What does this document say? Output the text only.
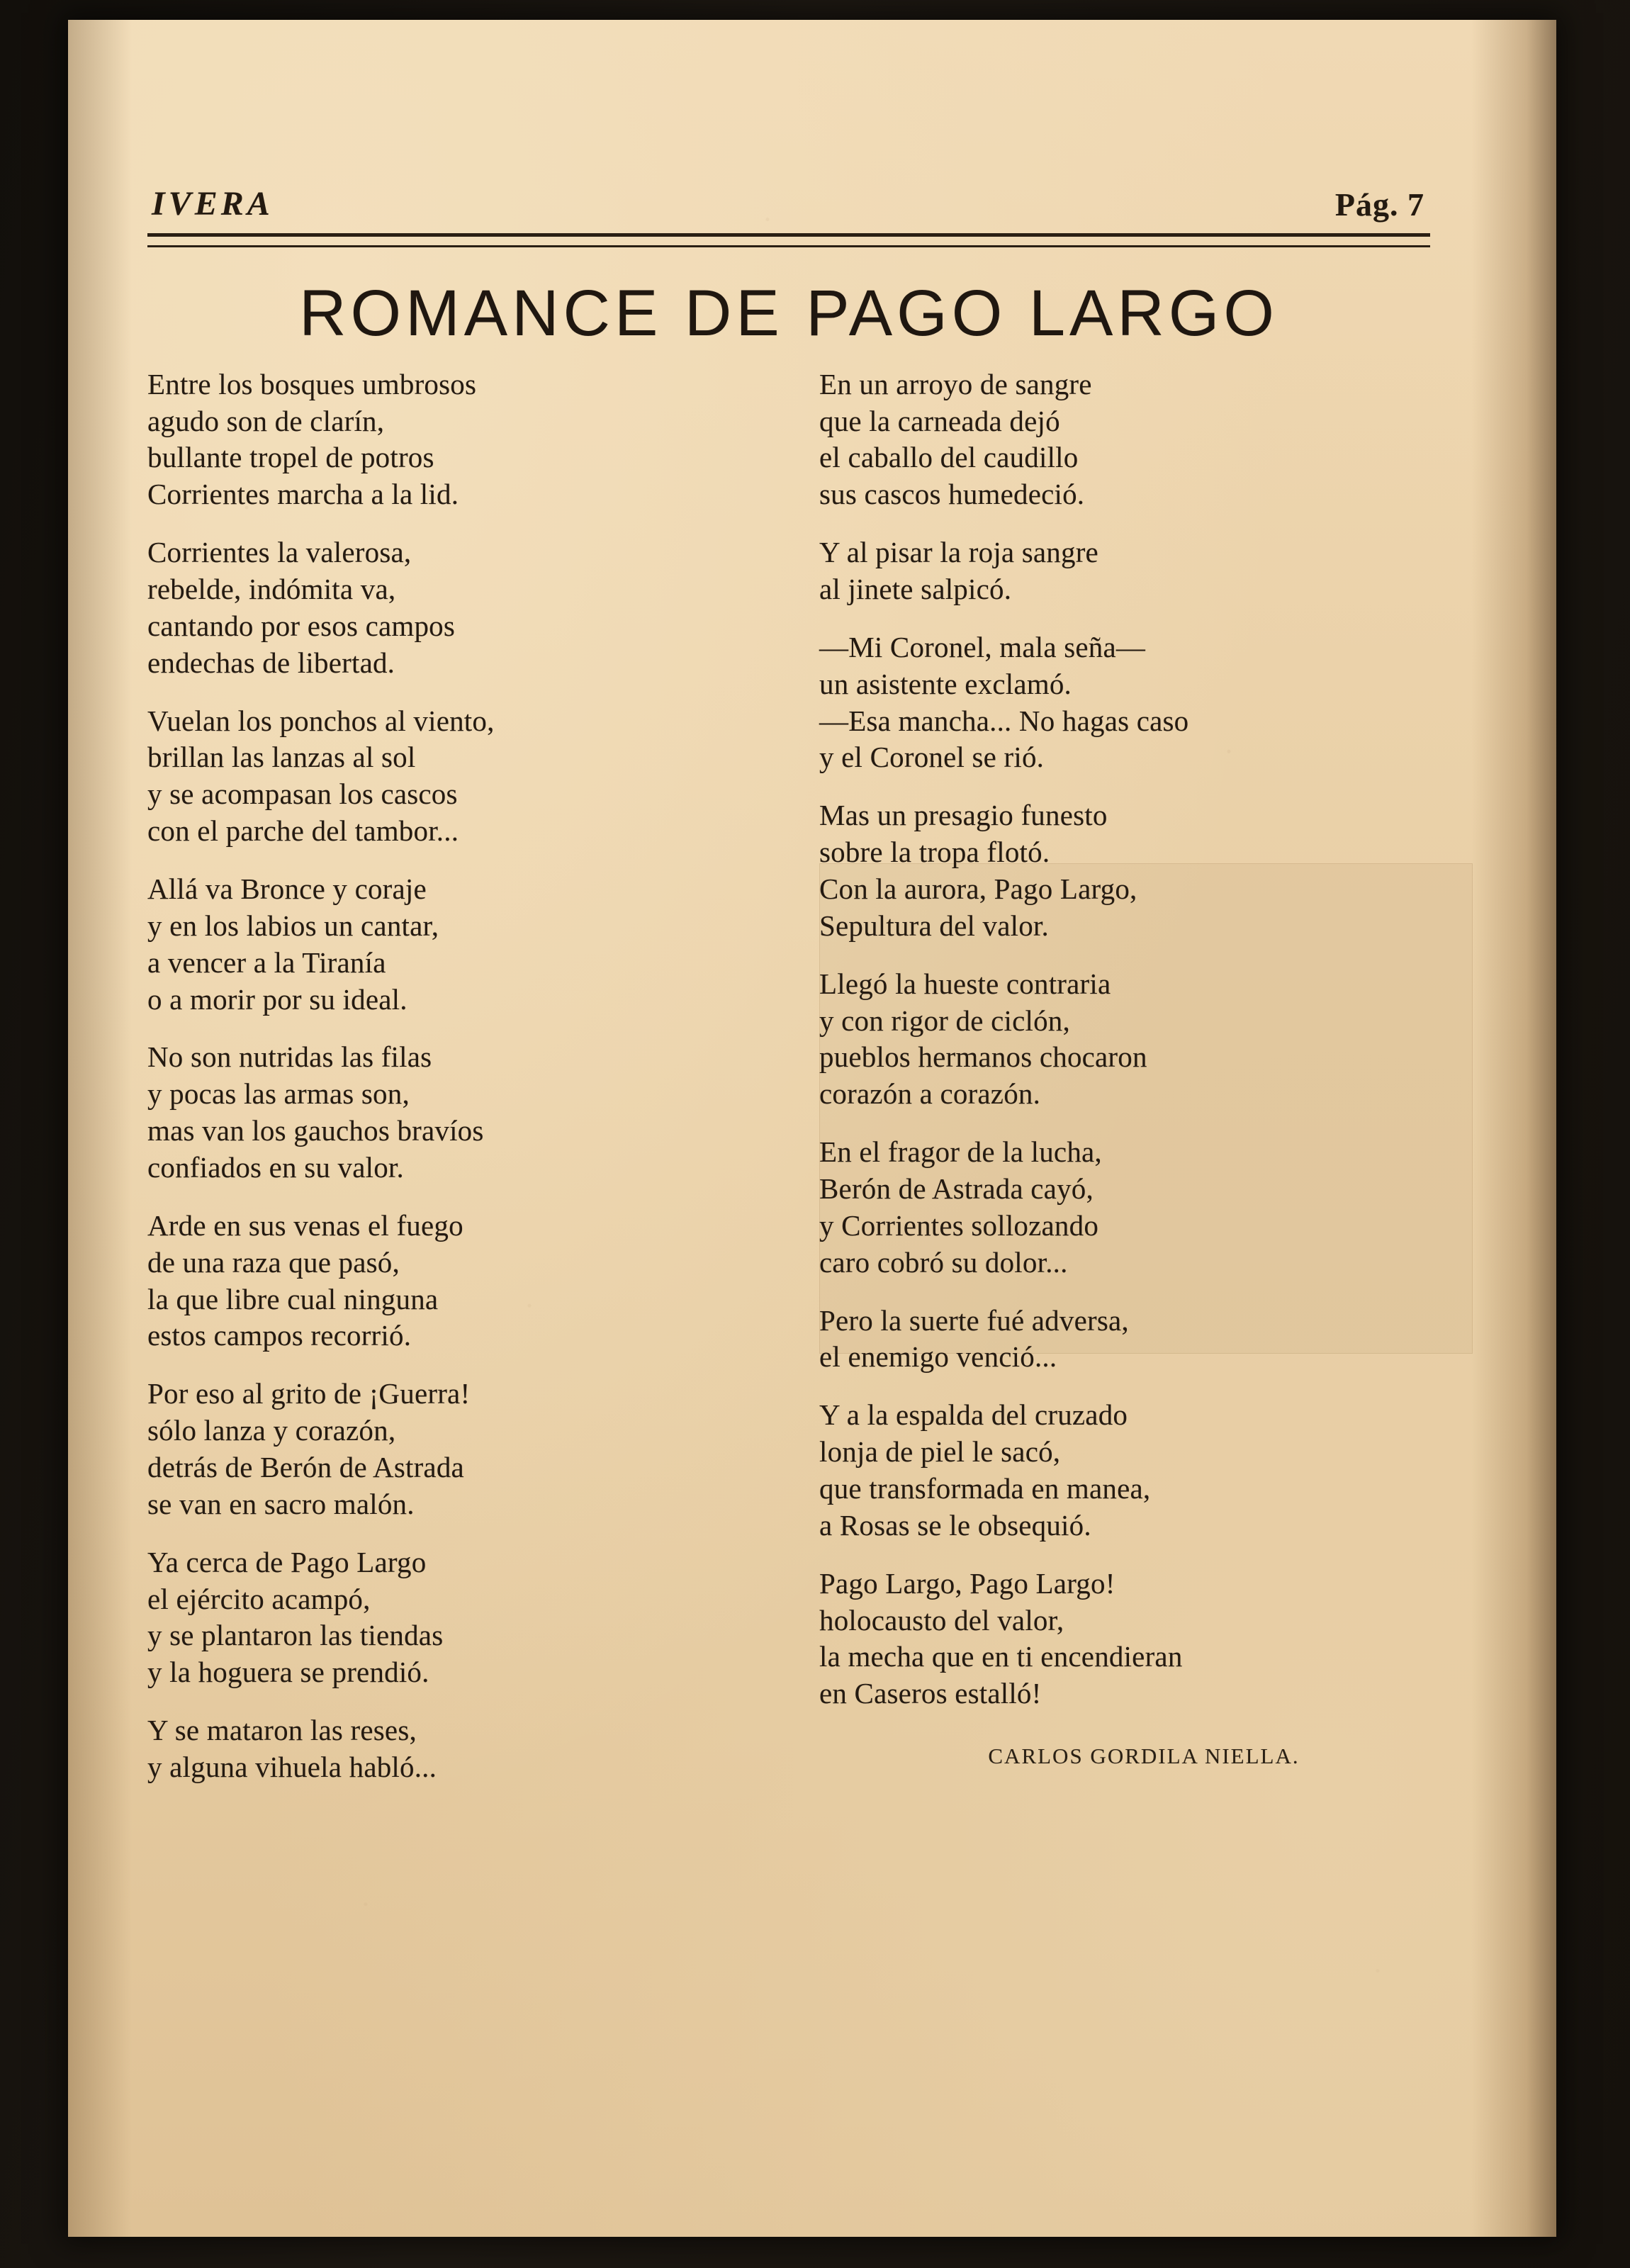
IVERA	Pág. 7
ROMANCE DE PAGO LARGO
Entre los bosques umbrosos
agudo son de clarín,
bullante tropel de potros
Corrientes marcha a la lid.
Corrientes la valerosa,
rebelde, indómita va,
cantando por esos campos
endechas de libertad.
Vuelan los ponchos al viento,
brillan las lanzas al sol
y se acompasan los cascos
con el parche del tambor...
Allá va Bronce y coraje
y en los labios un cantar,
a vencer a la Tiranía
o a morir por su ideal.
No son nutridas las filas
y pocas las armas son,
mas van los gauchos bravíos
confiados en su valor.
Arde en sus venas el fuego
de una raza que pasó,
la que libre cual ninguna
estos campos recorrió.
Por eso al grito de ¡Guerra!
sólo lanza y corazón,
detrás de Berón de Astrada
se van en sacro malón.
Ya cerca de Pago Largo
el ejército acampó,
y se plantaron las tiendas
y la hoguera se prendió.
Y se mataron las reses,
y alguna vihuela habló...
En un arroyo de sangre
que la carneada dejó
el caballo del caudillo
sus cascos humedeció.
Y al pisar la roja sangre
al jinete salpicó.
—Mi Coronel, mala seña—
un asistente exclamó.
—Esa mancha... No hagas caso
y el Coronel se rió.
Mas un presagio funesto
sobre la tropa flotó.
Con la aurora, Pago Largo,
Sepultura del valor.
Llegó la hueste contraria
y con rigor de ciclón,
pueblos hermanos chocaron
corazón a corazón.
En el fragor de la lucha,
Berón de Astrada cayó,
y Corrientes sollozando
caro cobró su dolor...
Pero la suerte fué adversa,
el enemigo venció...
Y a la espalda del cruzado
lonja de piel le sacó,
que transformada en manea,
a Rosas se le obsequió.
Pago Largo, Pago Largo!
holocausto del valor,
la mecha que en ti encendieran
en Caseros estalló!
CARLOS GORDILA NIELLA.
